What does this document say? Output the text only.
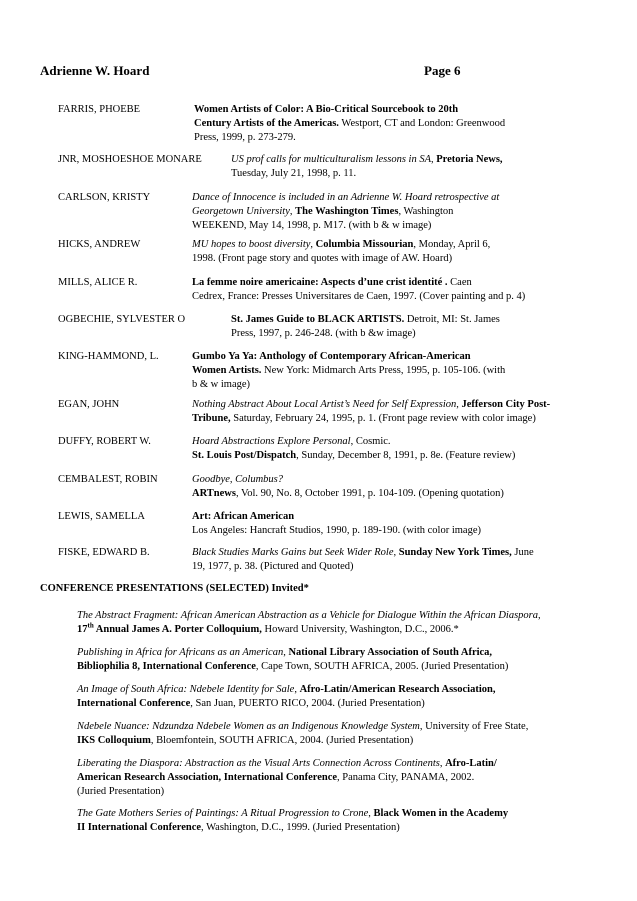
Adrienne W. Hoard	Page 6
FARRIS, PHOEBE	Women Artists of Color: A Bio-Critical Sourcebook to 20th
Century Artists of the Americas. Westport, CT and London: Greenwood
Press, 1999, p. 273-279.
JNR, MOSHOESHOE MONARE	US prof calls for multiculturalism lessons in SA, Pretoria News,
Tuesday, July 21, 1998, p. 11.
CARLSON, KRISTY	Dance of Innocence is included in an Adrienne W. Hoard retrospective at
Georgetown University, The Washington Times, Washington
WEEKEND, May 14, 1998, p. M17. (with b & w image)
HICKS, ANDREW	MU hopes to boost diversity, Columbia Missourian, Monday, April 6,
1998. (Front page story and quotes with image of AW. Hoard)
MILLS, ALICE R.	La femme noire americaine: Aspects d’une crist identité . Caen
Cedrex, France: Presses Universitares de Caen, 1997. (Cover painting and p. 4)
OGBECHIE, SYLVESTER O	St. James Guide to BLACK ARTISTS. Detroit, MI: St. James
Press, 1997, p. 246-248. (with b &w image)
KING-HAMMOND, L.	Gumbo Ya Ya: Anthology of Contemporary African-American
Women Artists. New York: Midmarch Arts Press, 1995, p. 105-106. (with
b & w image)
EGAN, JOHN	Nothing Abstract About Local Artist’s Need for Self Expression, Jefferson City Post-
Tribune, Saturday, February 24, 1995, p. 1. (Front page review with color image)
DUFFY, ROBERT W.	Hoard Abstractions Explore Personal, Cosmic.
St. Louis Post/Dispatch, Sunday, December 8, 1991, p. 8e. (Feature review)
CEMBALEST, ROBIN	Goodbye, Columbus?
ARTnews, Vol. 90, No. 8, October 1991, p. 104-109. (Opening quotation)
LEWIS, SAMELLA	Art: African American
Los Angeles: Hancraft Studios, 1990, p. 189-190. (with color image)
FISKE, EDWARD B.	Black Studies Marks Gains but Seek Wider Role, Sunday New York Times, June
19, 1977, p. 38. (Pictured and Quoted)
CONFERENCE PRESENTATIONS (SELECTED) Invited*
The Abstract Fragment: African American Abstraction as a Vehicle for Dialogue Within the African Diaspora,
17th Annual James A. Porter Colloquium, Howard University, Washington, D.C., 2006.*
Publishing in Africa for Africans as an American, National Library Association of South Africa,
Bibliophilia 8, International Conference, Cape Town, SOUTH AFRICA, 2005. (Juried Presentation)
An Image of South Africa: Ndebele Identity for Sale, Afro-Latin/American Research Association,
International Conference, San Juan, PUERTO RICO, 2004. (Juried Presentation)
Ndebele Nuance: Ndzundza Ndebele Women as an Indigenous Knowledge System, University of Free State,
IKS Colloquium, Bloemfontein, SOUTH AFRICA, 2004. (Juried Presentation)
Liberating the Diaspora: Abstraction as the Visual Arts Connection Across Continents, Afro-Latin/
American Research Association, International Conference, Panama City, PANAMA, 2002.
(Juried Presentation)
The Gate Mothers Series of Paintings: A Ritual Progression to Crone, Black Women in the Academy
II International Conference, Washington, D.C., 1999. (Juried Presentation)
